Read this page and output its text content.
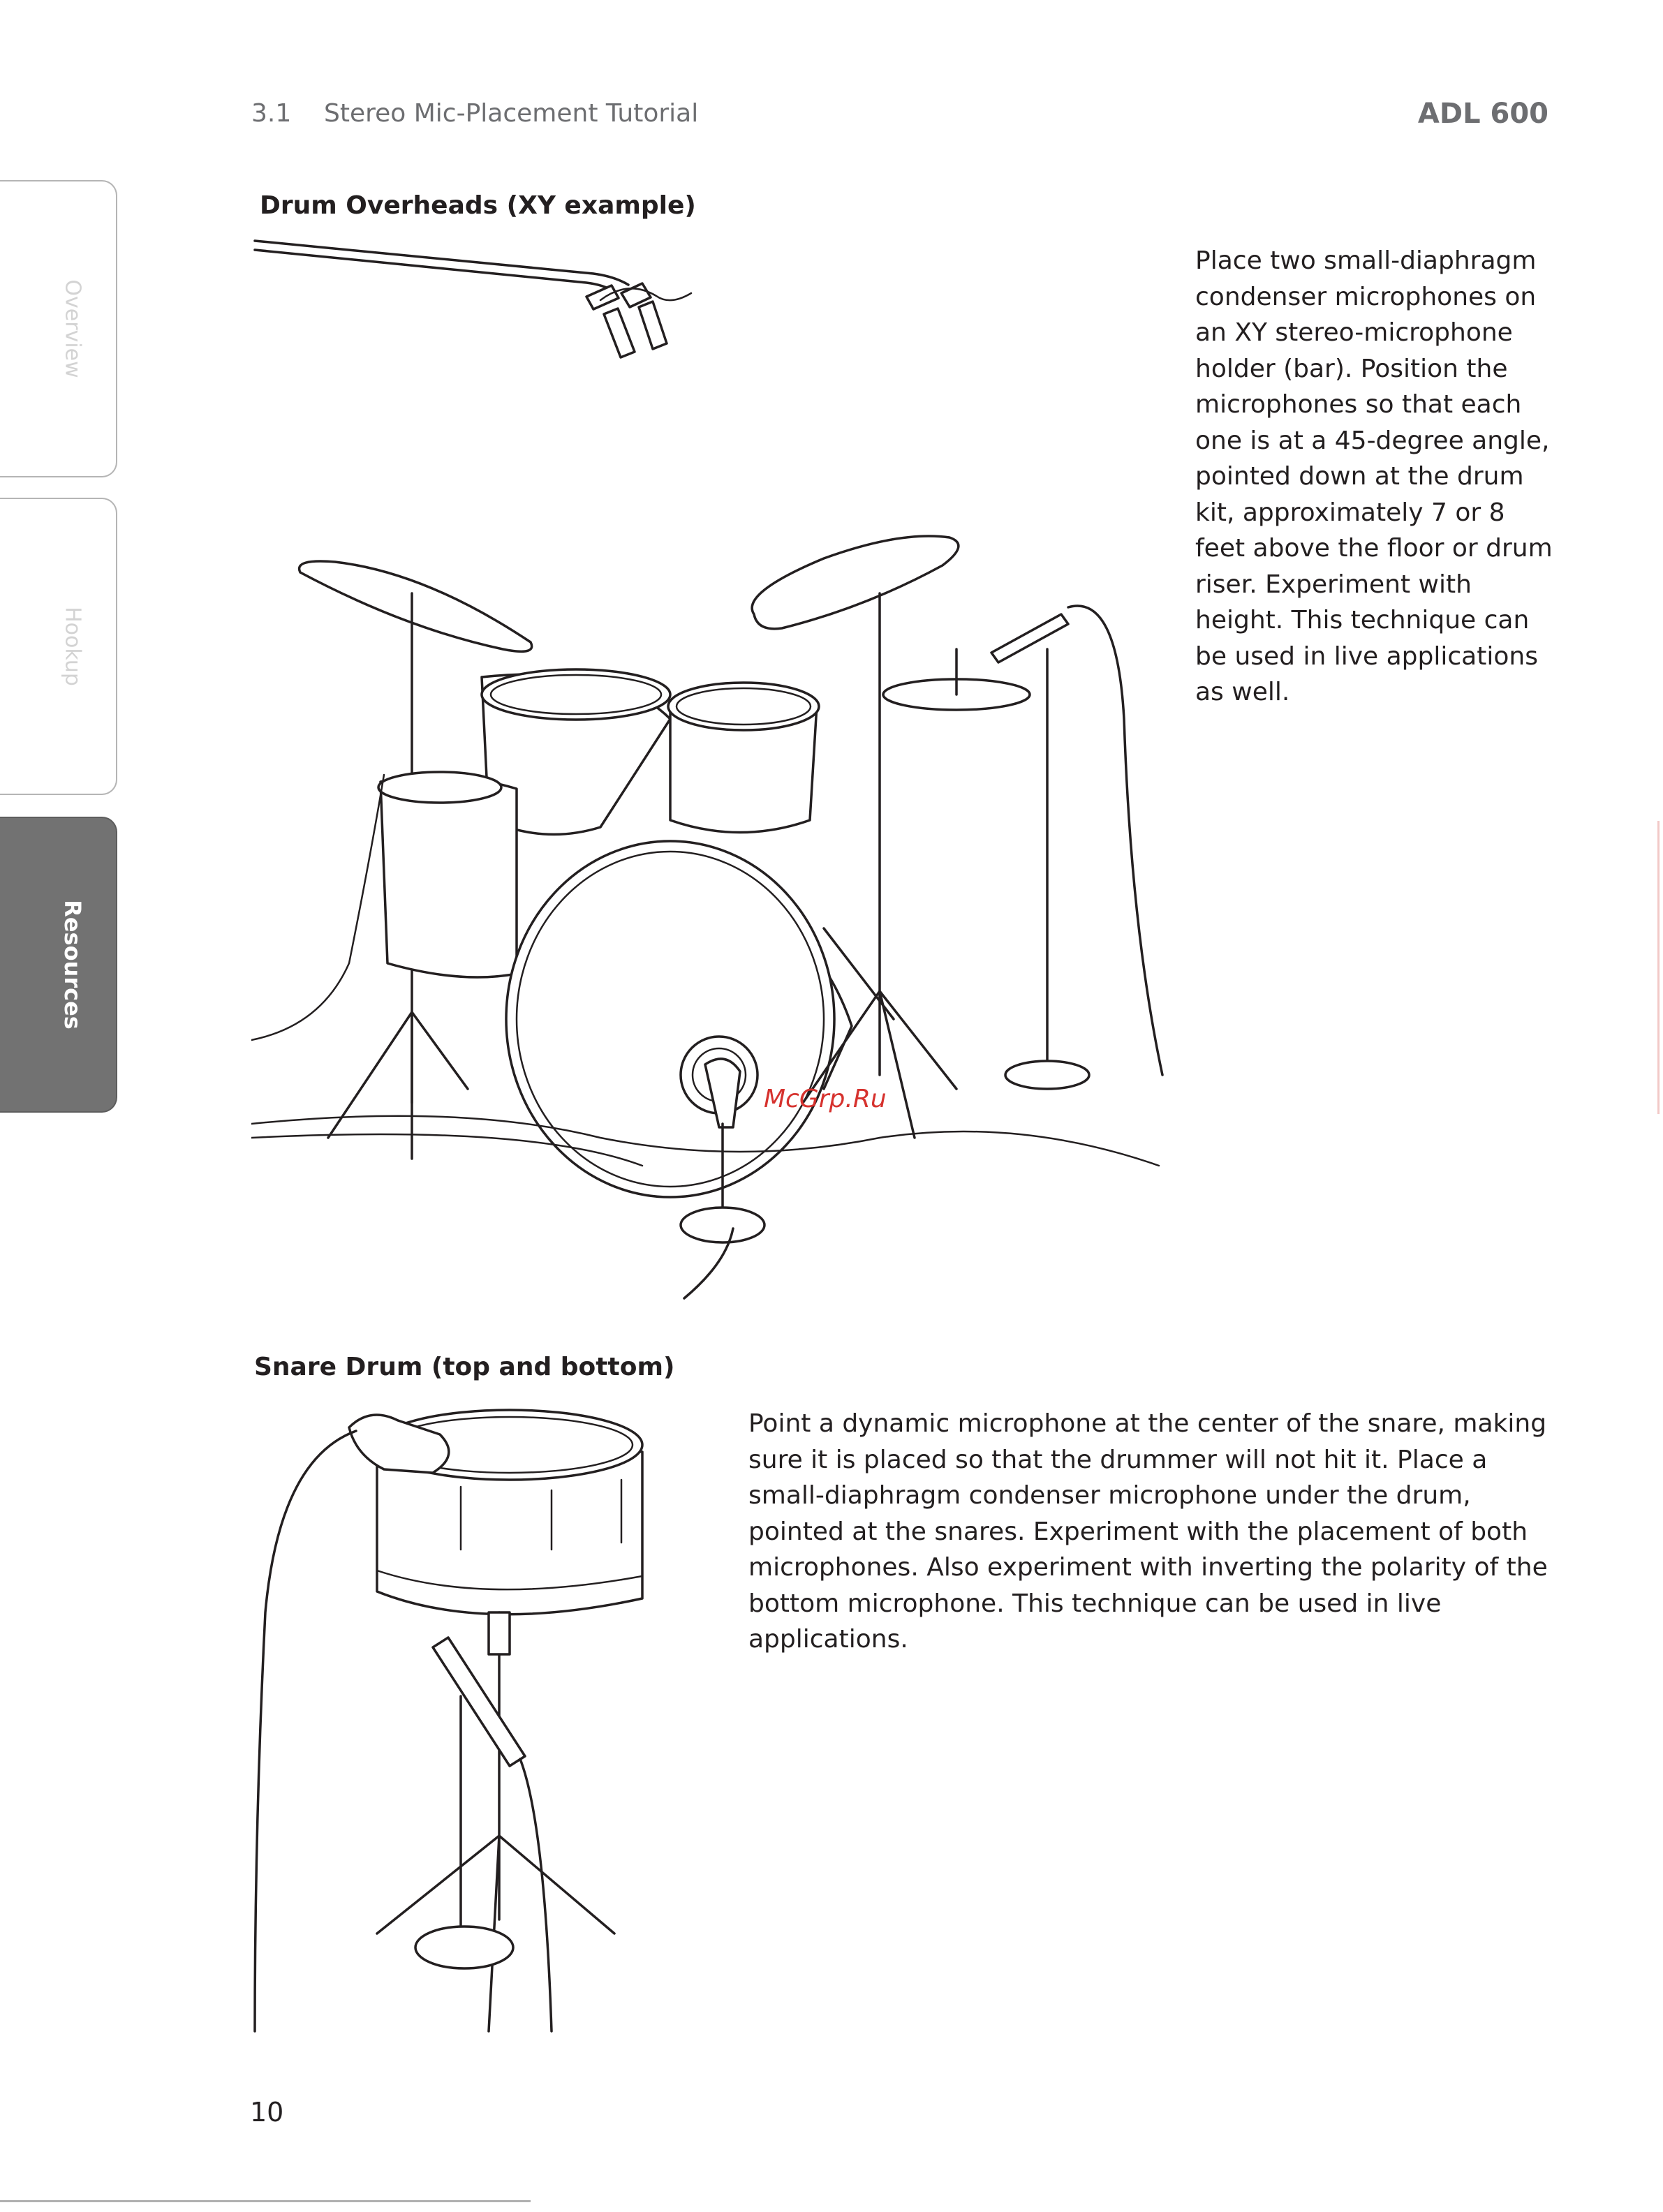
3.1 Stereo Mic-Placement Tutorial	ADL 600
Overview
Hookup
Resources
Drum Overheads (XY example)
Place two small-diaphragm condenser microphones on an XY stereo-microphone holder (bar). Position the microphones so that each one is at a 45-degree angle, pointed down at the drum kit, approximately 7 or 8 feet above the floor or drum riser. Experiment with height. This technique can be used in live applications as well.
Snare Drum (top and bottom)
Point a dynamic microphone at the center of the snare, making sure it is placed so that the drummer will not hit it. Place a small-diaphragm condenser microphone under the drum, pointed at the snares. Experiment with the placement of both microphones. Also experiment with inverting the polarity of the bottom microphone. This technique can be used in live applications.
McGrp.Ru
10
